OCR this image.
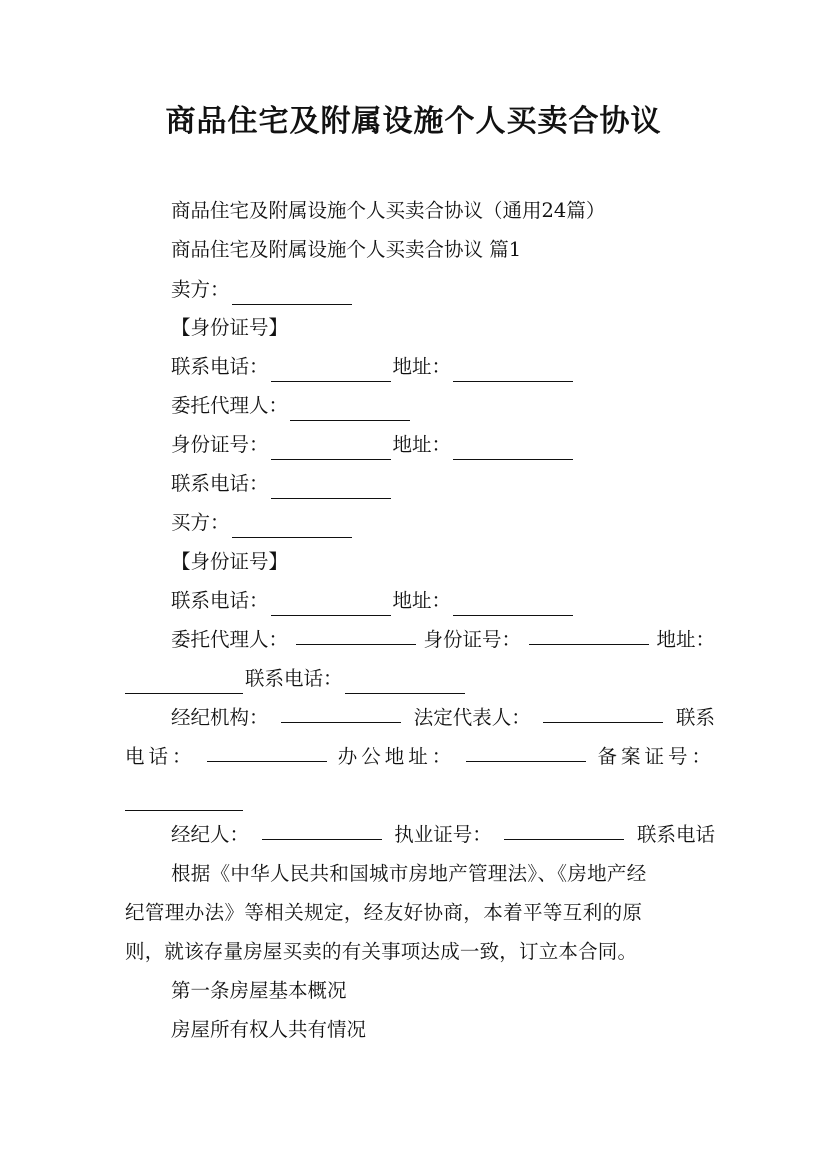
商品住宅及附属设施个人买卖合协议
商品住宅及附属设施个人买卖合协议（通用24篇）
商品住宅及附属设施个人买卖合协议 篇1
卖方：
【身份证号】
联系电话：	地址：
委托代理人：
身份证号：	地址：
联系电话：
买方：
【身份证号】
联系电话：	地址：
委托代理人：	身份证号：	地址：
联系电话：
经纪机构：	法定代表人：	联系
电话：	办公地址：	备案证号：
经纪人：	执业证号：	联系电话
根据《中华人民共和国城市房地产管理法》、《房地产经
纪管理办法》等相关规定，经友好协商，本着平等互利的原
则，就该存量房屋买卖的有关事项达成一致，订立本合同。
第一条房屋基本概况
房屋所有权人共有情况
